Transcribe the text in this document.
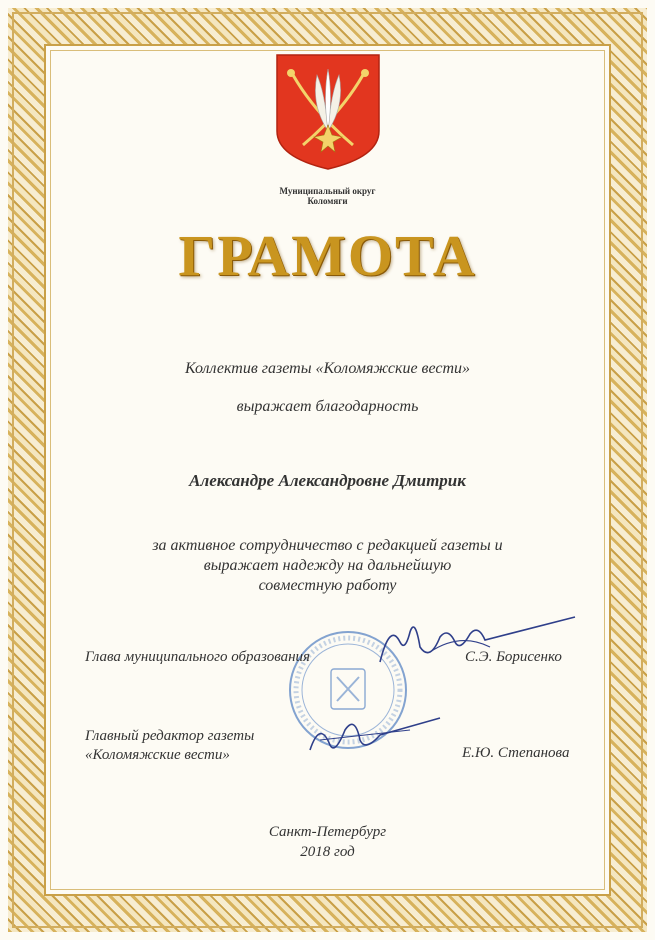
Муниципальный округ
Коломяги
ГРАМОТА
Коллектив газеты «Коломяжские вести»
выражает благодарность
Александре Александровне Дмитрик
за активное сотрудничество с редакцией газеты и
выражает надежду на дальнейшую
совместную работу
Глава муниципального образования	С.Э. Борисенко
Главный редактор газеты
«Коломяжские вести»	Е.Ю. Степанова
Санкт-Петербург
2018 год
